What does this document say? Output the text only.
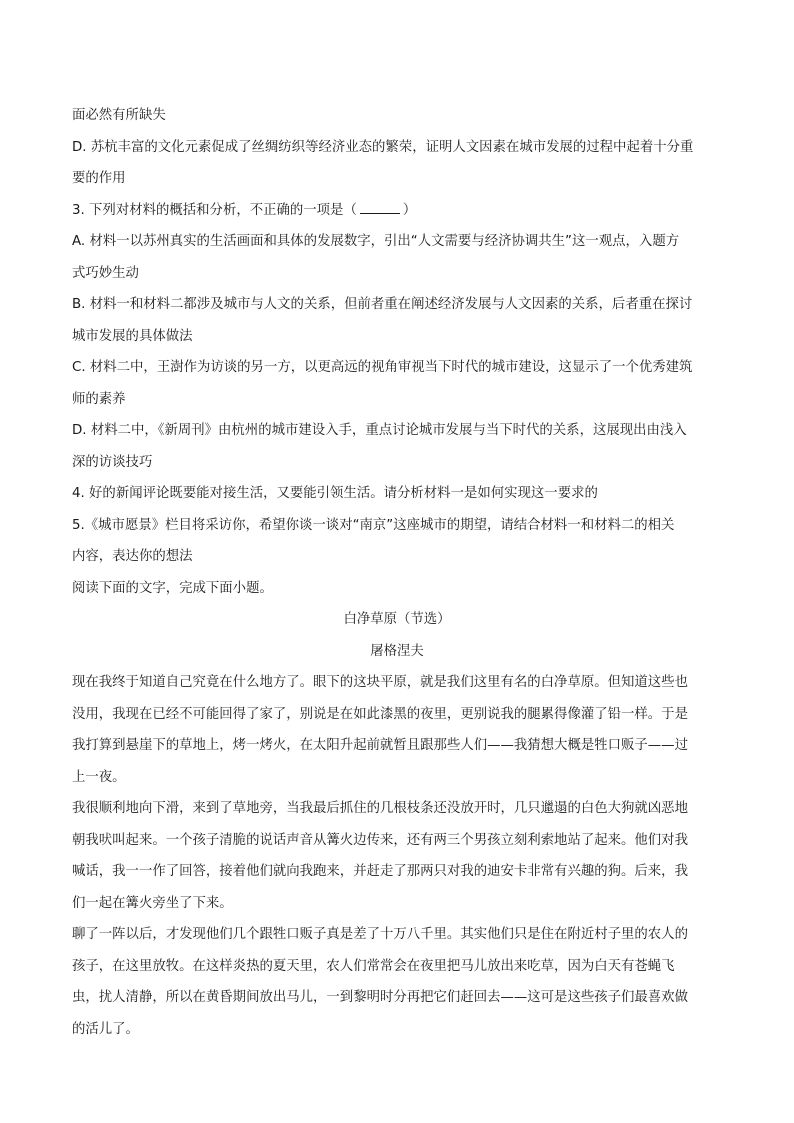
面必然有所缺失

D. 苏杭丰富的文化元素促成了丝绸纺织等经济业态的繁荣，证明人文因素在城市发展的过程中起着十分重

要的作用

3. 下列对材料的概括和分析，不正确的一项是（	）

A. 材料一以苏州真实的生活画面和具体的发展数字，引出“人文需要与经济协调共生”这一观点，入题方

式巧妙生动

B. 材料一和材料二都涉及城市与人文的关系，但前者重在阐述经济发展与人文因素的关系，后者重在探讨

城市发展的具体做法

C. 材料二中，王澍作为访谈的另一方，以更高远的视角审视当下时代的城市建设，这显示了一个优秀建筑

师的素养

D. 材料二中，《新周刊》由杭州的城市建设入手，重点讨论城市发展与当下时代的关系，这展现出由浅入

深的访谈技巧

4. 好的新闻评论既要能对接生活，又要能引领生活。请分析材料一是如何实现这一要求的

5.《城市愿景》栏目将采访你，希望你谈一谈对“南京”这座城市的期望，请结合材料一和材料二的相关

内容，表达你的想法

阅读下面的文字，完成下面小题。

白净草原（节选）

屠格涅夫

现在我终于知道自己究竟在什么地方了。眼下的这块平原，就是我们这里有名的白净草原。但知道这些也

没用，我现在已经不可能回得了家了，别说是在如此漆黑的夜里，更别说我的腿累得像灌了铅一样。于是

我打算到悬崖下的草地上，烤一烤火，在太阳升起前就暂且跟那些人们——我猜想大概是牲口贩子——过

上一夜。

我很顺利地向下滑，来到了草地旁，当我最后抓住的几根枝条还没放开时，几只邋遢的白色大狗就凶恶地

朝我吠叫起来。一个孩子清脆的说话声音从篝火边传来，还有两三个男孩立刻利索地站了起来。他们对我

喊话，我一一作了回答，接着他们就向我跑来，并赶走了那两只对我的迪安卡非常有兴趣的狗。后来，我

们一起在篝火旁坐了下来。

聊了一阵以后，才发现他们几个跟牲口贩子真是差了十万八千里。其实他们只是住在附近村子里的农人的

孩子，在这里放牧。在这样炎热的夏天里，农人们常常会在夜里把马儿放出来吃草，因为白天有苍蝇飞

虫，扰人清静，所以在黄昏期间放出马儿，一到黎明时分再把它们赶回去——这可是这些孩子们最喜欢做

的活儿了。
